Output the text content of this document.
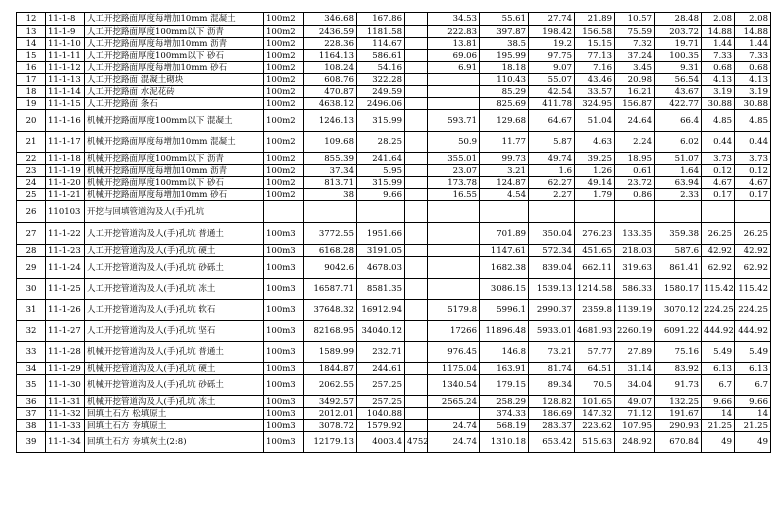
12	11-1-8	人工开挖路面厚度每增加10mm 混凝土	100m2	346.68	167.86		34.53	55.61	27.74	21.89	10.57	28.48	2.08	2.08
13	11-1-9	人工开挖路面厚度100mm以下 沥青	100m2	2436.59	1181.58		222.83	397.87	198.42	156.58	75.59	203.72	14.88	14.88
14	11-1-10	人工开挖路面厚度每增加10mm 沥青	100m2	228.36	114.67		13.81	38.5	19.2	15.15	7.32	19.71	1.44	1.44
15	11-1-11	人工开挖路面厚度100mm以下 砂石	100m2	1164.13	586.61		69.06	195.99	97.75	77.13	37.24	100.35	7.33	7.33
16	11-1-12	人工开挖路面厚度每增加10mm 砂石	100m2	108.24	54.16		6.91	18.18	9.07	7.16	3.45	9.31	0.68	0.68
17	11-1-13	人工开挖路面 混凝土砌块	100m2	608.76	322.28			110.43	55.07	43.46	20.98	56.54	4.13	4.13
18	11-1-14	人工开挖路面 水泥花砖	100m2	470.87	249.59			85.29	42.54	33.57	16.21	43.67	3.19	3.19
19	11-1-15	人工开挖路面 条石	100m2	4638.12	2496.06			825.69	411.78	324.95	156.87	422.77	30.88	30.88
20	11-1-16	机械开挖路面厚度100mm以下 混凝土	100m2	1246.13	315.99		593.71	129.68	64.67	51.04	24.64	66.4	4.85	4.85
21	11-1-17	机械开挖路面厚度每增加10mm 混凝土	100m2	109.68	28.25		50.9	11.77	5.87	4.63	2.24	6.02	0.44	0.44
22	11-1-18	机械开挖路面厚度100mm以下 沥青	100m2	855.39	241.64		355.01	99.73	49.74	39.25	18.95	51.07	3.73	3.73
23	11-1-19	机械开挖路面厚度每增加10mm 沥青	100m2	37.34	5.95		23.07	3.21	1.6	1.26	0.61	1.64	0.12	0.12
24	11-1-20	机械开挖路面厚度100mm以下 砂石	100m2	813.71	315.99		173.78	124.87	62.27	49.14	23.72	63.94	4.67	4.67
25	11-1-21	机械开挖路面厚度每增加10mm 砂石	100m2	38	9.66		16.55	4.54	2.27	1.79	0.86	2.33	0.17	0.17
26	110103	开挖与回填管道沟及人(手)孔坑												
27	11-1-22	人工开挖管道沟及人(手)孔坑 普通土	100m3	3772.55	1951.66			701.89	350.04	276.23	133.35	359.38	26.25	26.25
28	11-1-23	人工开挖管道沟及人(手)孔坑 硬土	100m3	6168.28	3191.05			1147.61	572.34	451.65	218.03	587.6	42.92	42.92
29	11-1-24	人工开挖管道沟及人(手)孔坑 砂砾土	100m3	9042.6	4678.03			1682.38	839.04	662.11	319.63	861.41	62.92	62.92
30	11-1-25	人工开挖管道沟及人(手)孔坑 冻土	100m3	16587.71	8581.35			3086.15	1539.13	1214.58	586.33	1580.17	115.42	115.42
31	11-1-26	人工开挖管道沟及人(手)孔坑 软石	100m3	37648.32	16912.94		5179.8	5996.1	2990.37	2359.8	1139.19	3070.12	224.25	224.25
32	11-1-27	人工开挖管道沟及人(手)孔坑 坚石	100m3	82168.95	34040.12		17266	11896.48	5933.01	4681.93	2260.19	6091.22	444.92	444.92
33	11-1-28	机械开挖管道沟及人(手)孔坑 普通土	100m3	1589.99	232.71		976.45	146.8	73.21	57.77	27.89	75.16	5.49	5.49
34	11-1-29	机械开挖管道沟及人(手)孔坑 硬土	100m3	1844.87	244.61		1175.04	163.91	81.74	64.51	31.14	83.92	6.13	6.13
35	11-1-30	机械开挖管道沟及人(手)孔坑 砂砾土	100m3	2062.55	257.25		1340.54	179.15	89.34	70.5	34.04	91.73	6.7	6.7
36	11-1-31	机械开挖管道沟及人(手)孔坑 冻土	100m3	3492.57	257.25		2565.24	258.29	128.82	101.65	49.07	132.25	9.66	9.66
37	11-1-32	回填土石方 松填原土	100m3	2012.01	1040.88			374.33	186.69	147.32	71.12	191.67	14	14
38	11-1-33	回填土石方 夯填原土	100m3	3078.72	1579.92		24.74	568.19	283.37	223.62	107.95	290.93	21.25	21.25
39	11-1-34	回填土石方 夯填灰土(2:8)	100m3	12179.13	4003.4	4752	24.74	1310.18	653.42	515.63	248.92	670.84	49	49
